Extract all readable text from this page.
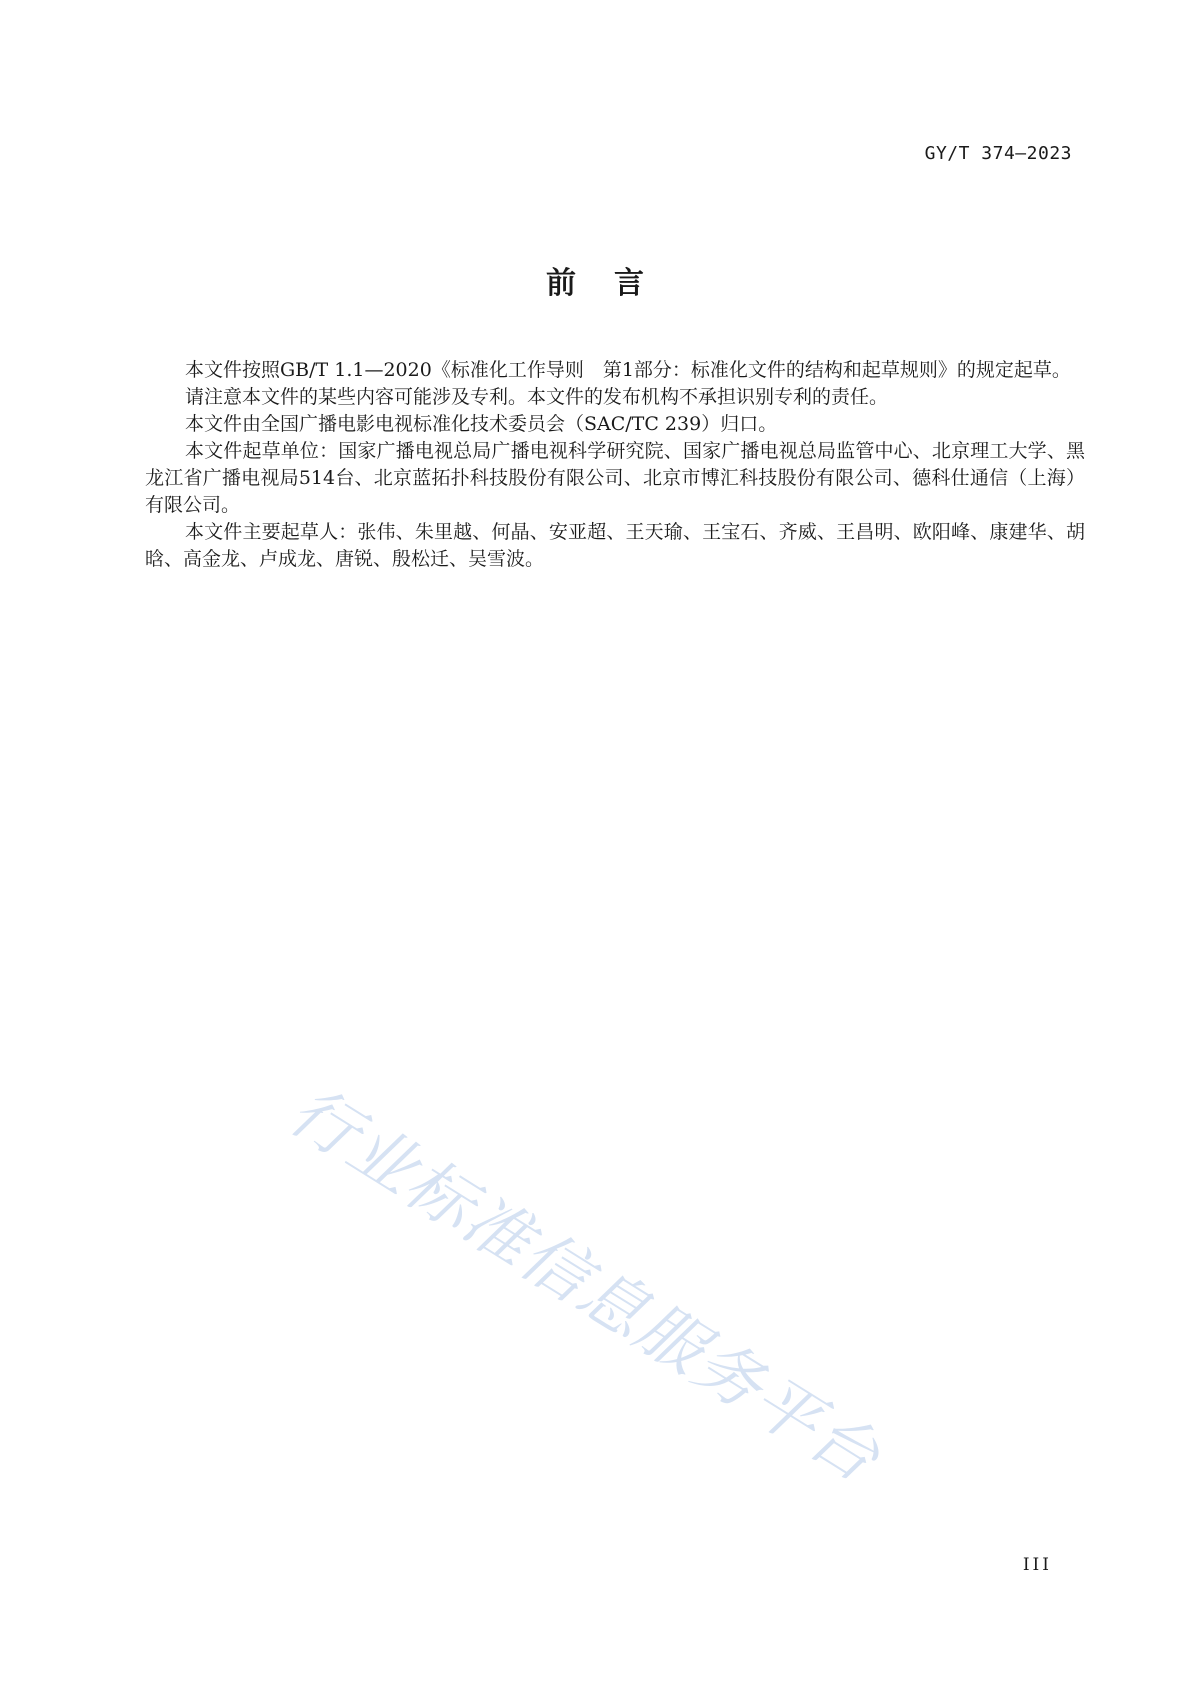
GY/T 374—2023
前言

本文件按照GB/T 1.1—2020《标准化工作导则　第1部分：标准化文件的结构和起草规则》的规定起草。

请注意本文件的某些内容可能涉及专利。本文件的发布机构不承担识别专利的责任。

本文件由全国广播电影电视标准化技术委员会（SAC/TC 239）归口。

本文件起草单位：国家广播电视总局广播电视科学研究院、国家广播电视总局监管中心、北京理工大学、黑龙江省广播电视局514台、北京蓝拓扑科技股份有限公司、北京市博汇科技股份有限公司、德科仕通信（上海）有限公司。

本文件主要起草人：张伟、朱里越、何晶、安亚超、王天瑜、王宝石、齐威、王昌明、欧阳峰、康建华、胡晗、高金龙、卢成龙、唐锐、殷松迁、吴雪波。

行业标准信息服务平台
III
